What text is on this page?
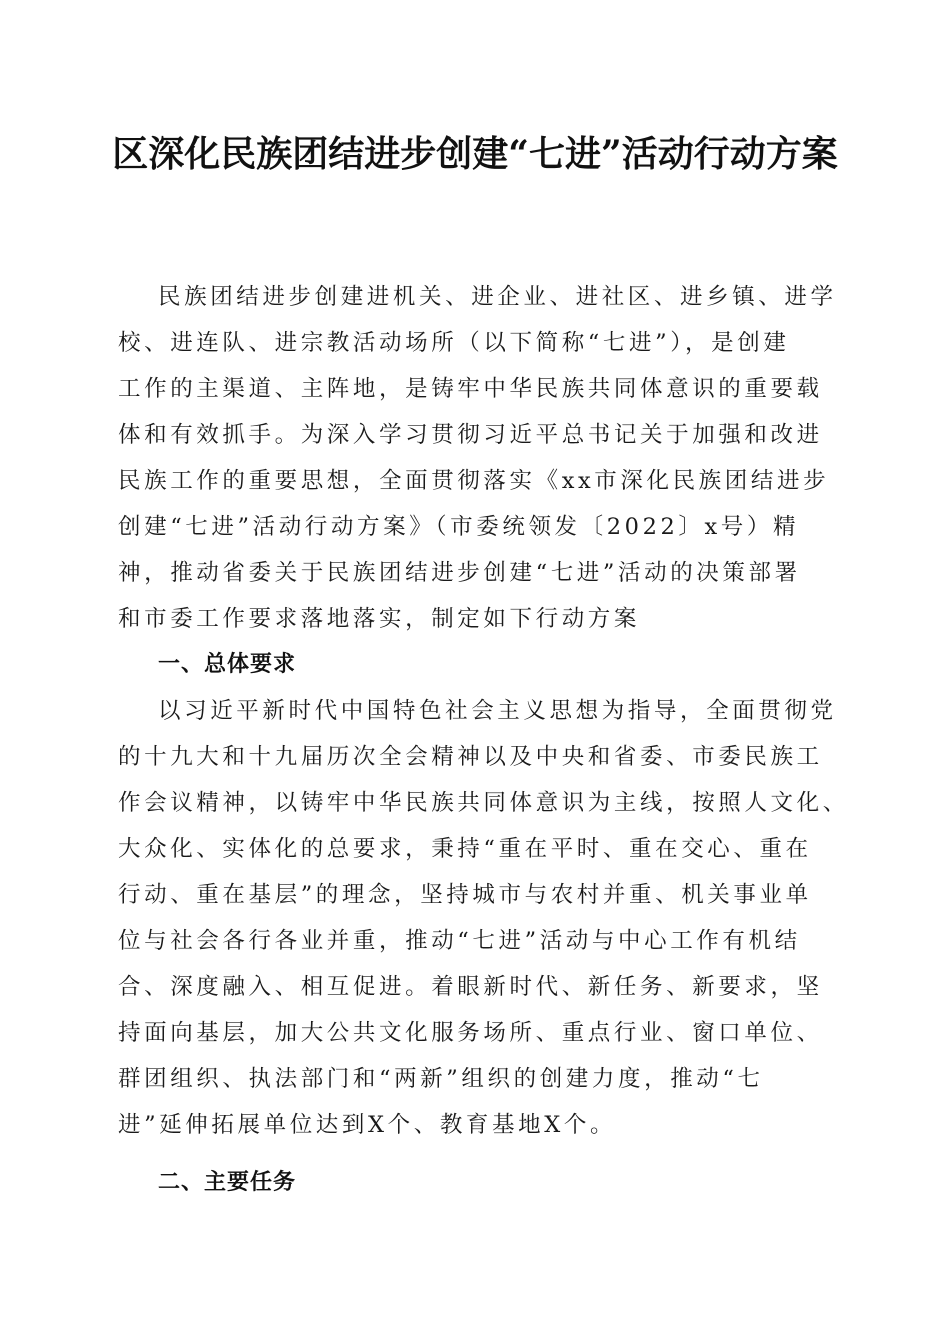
区深化民族团结进步创建“七进”活动行动方案
民族团结进步创建进机关、进企业、进社区、进乡镇、进学
校、进连队、进宗教活动场所（以下简称“七进”），是创建
工作的主渠道、主阵地，是铸牢中华民族共同体意识的重要载
体和有效抓手。为深入学习贯彻习近平总书记关于加强和改进
民族工作的重要思想，全面贯彻落实《xx市深化民族团结进步
创建“七进”活动行动方案》（市委统领发〔2022〕x号）精
神，推动省委关于民族团结进步创建“七进”活动的决策部署
和市委工作要求落地落实，制定如下行动方案
一、总体要求
以习近平新时代中国特色社会主义思想为指导，全面贯彻党
的十九大和十九届历次全会精神以及中央和省委、市委民族工
作会议精神，以铸牢中华民族共同体意识为主线，按照人文化、
大众化、实体化的总要求，秉持“重在平时、重在交心、重在
行动、重在基层”的理念，坚持城市与农村并重、机关事业单
位与社会各行各业并重，推动“七进”活动与中心工作有机结
合、深度融入、相互促进。着眼新时代、新任务、新要求，坚
持面向基层，加大公共文化服务场所、重点行业、窗口单位、
群团组织、执法部门和“两新”组织的创建力度，推动“七
进”延伸拓展单位达到X个、教育基地X个。
二、主要任务
